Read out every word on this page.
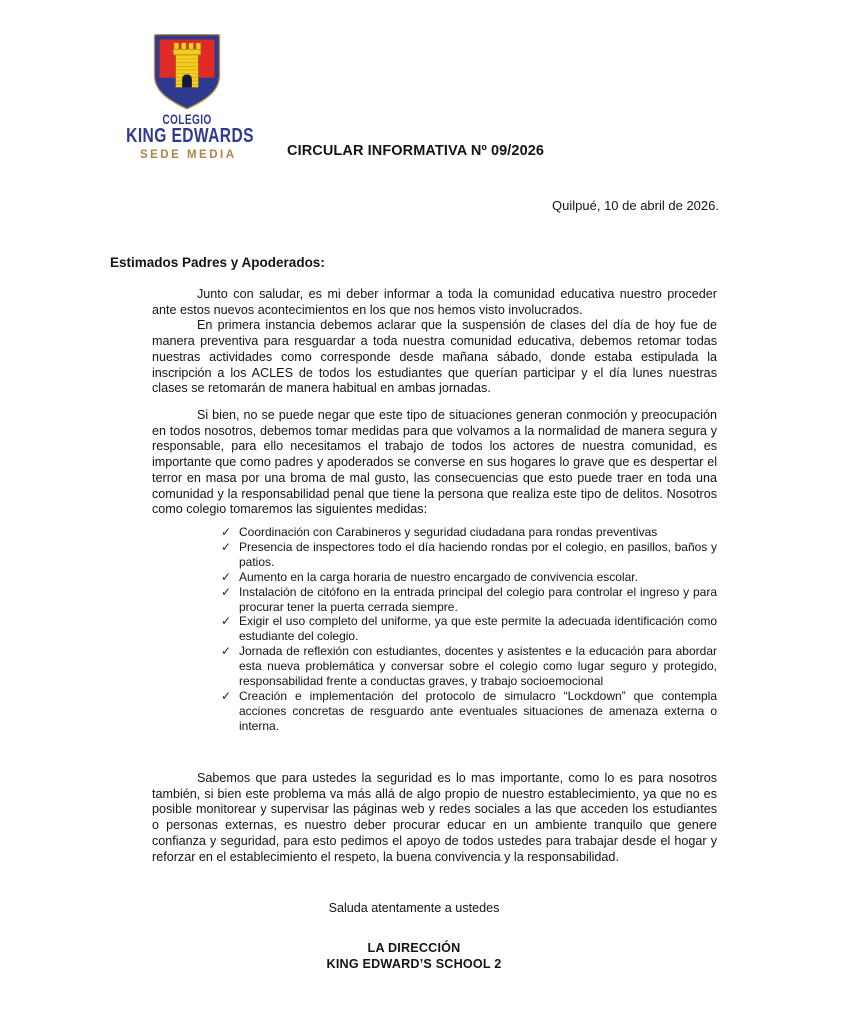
COLEGIO
KING EDWARDS
SEDE MEDIA	CIRCULAR INFORMATIVA Nº 09/2026
Quilpué, 10 de abril de 2026.
Estimados Padres y Apoderados:

Junto con saludar, es mi deber informar a toda la comunidad educativa nuestro proceder ante estos nuevos acontecimientos en los que nos hemos visto involucrados.

En primera instancia debemos aclarar que la suspensión de clases del día de hoy fue de manera preventiva para resguardar a toda nuestra comunidad educativa, debemos retomar todas nuestras actividades como corresponde desde mañana sábado, donde estaba estipulada la inscripción a los ACLES de todos los estudiantes que querían participar y el día lunes nuestras clases se retomarán de manera habitual en ambas jornadas.

Si bien, no se puede negar que este tipo de situaciones generan conmoción y preocupación en todos nosotros, debemos tomar medidas para que volvamos a la normalidad de manera segura y responsable, para ello necesitamos el trabajo de todos los actores de nuestra comunidad, es importante que como padres y apoderados se converse en sus hogares lo grave que es despertar el terror en masa por una broma de mal gusto, las consecuencias que esto puede traer en toda una comunidad y la responsabilidad penal que tiene la persona que realiza este tipo de delitos. Nosotros como colegio tomaremos las siguientes medidas:

✓ Coordinación con Carabineros y seguridad ciudadana para rondas preventivas
✓ Presencia de inspectores todo el día haciendo rondas por el colegio, en pasillos, baños y patios.
✓ Aumento en la carga horaria de nuestro encargado de convivencia escolar.
✓ Instalación de citófono en la entrada principal del colegio para controlar el ingreso y para procurar tener la puerta cerrada siempre.
✓ Exigir el uso completo del uniforme, ya que este permite la adecuada identificación como estudiante del colegio.
✓ Jornada de reflexión con estudiantes, docentes y asistentes e la educación para abordar esta nueva problemática y conversar sobre el colegio como lugar seguro y protegido, responsabilidad frente a conductas graves, y trabajo socioemocional
✓ Creación e implementación del protocolo de simulacro “Lockdown” que contempla acciones concretas de resguardo ante eventuales situaciones de amenaza externa o interna.

Sabemos que para ustedes la seguridad es lo mas importante, como lo es para nosotros también, si bien este problema va más allá de algo propio de nuestro establecimiento, ya que no es posible monitorear y supervisar las páginas web y redes sociales a las que acceden los estudiantes o personas externas, es nuestro deber procurar educar en un ambiente tranquilo que genere confianza y seguridad, para esto pedimos el apoyo de todos ustedes para trabajar desde el hogar y reforzar en el establecimiento el respeto, la buena convivencia y la responsabilidad.

Saluda atentamente a ustedes
LA DIRECCIÓN
KING EDWARD’S SCHOOL 2
